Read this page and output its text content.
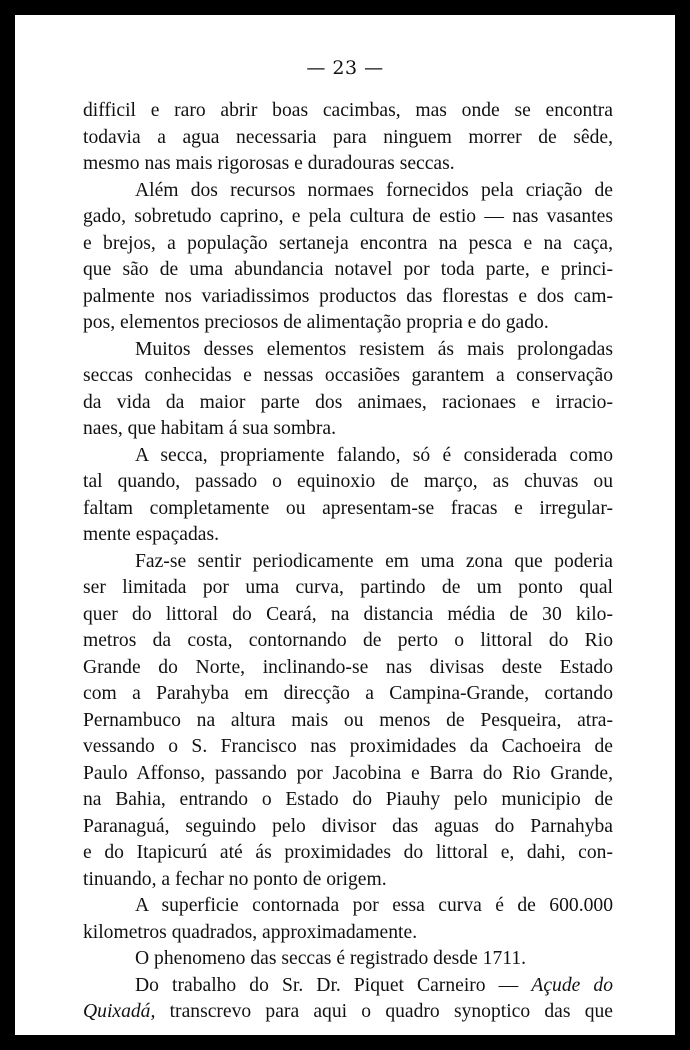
— 23 —
difficil e raro abrir boas cacimbas, mas onde se encontra
todavia a agua necessaria para ninguem morrer de sêde,
mesmo nas mais rigorosas e duradouras seccas.
Além dos recursos normaes fornecidos pela criação de
gado, sobretudo caprino, e pela cultura de estio — nas vasantes
e brejos, a população sertaneja encontra na pesca e na caça,
que são de uma abundancia notavel por toda parte, e princi-
palmente nos variadissimos productos das florestas e dos cam-
pos, elementos preciosos de alimentação propria e do gado.
Muitos desses elementos resistem ás mais prolongadas
seccas conhecidas e nessas occasiões garantem a conservação
da vida da maior parte dos animaes, racionaes e irracio-
naes, que habitam á sua sombra.
A secca, propriamente falando, só é considerada como
tal quando, passado o equinoxio de março, as chuvas ou
faltam completamente ou apresentam-se fracas e irregular-
mente espaçadas.
Faz-se sentir periodicamente em uma zona que poderia
ser limitada por uma curva, partindo de um ponto qual
quer do littoral do Ceará, na distancia média de 30 kilo-
metros da costa, contornando de perto o littoral do Rio
Grande do Norte, inclinando-se nas divisas deste Estado
com a Parahyba em direcção a Campina-Grande, cortando
Pernambuco na altura mais ou menos de Pesqueira, atra-
vessando o S. Francisco nas proximidades da Cachoeira de
Paulo Affonso, passando por Jacobina e Barra do Rio Grande,
na Bahia, entrando o Estado do Piauhy pelo municipio de
Paranaguá, seguindo pelo divisor das aguas do Parnahyba
e do Itapicurú até ás proximidades do littoral e, dahi, con-
tinuando, a fechar no ponto de origem.
A superficie contornada por essa curva é de 600.000
kilometros quadrados, approximadamente.
O phenomeno das seccas é registrado desde 1711.
Do trabalho do Sr. Dr. Piquet Carneiro — Açude do
Quixadá, transcrevo para aqui o quadro synoptico das que
